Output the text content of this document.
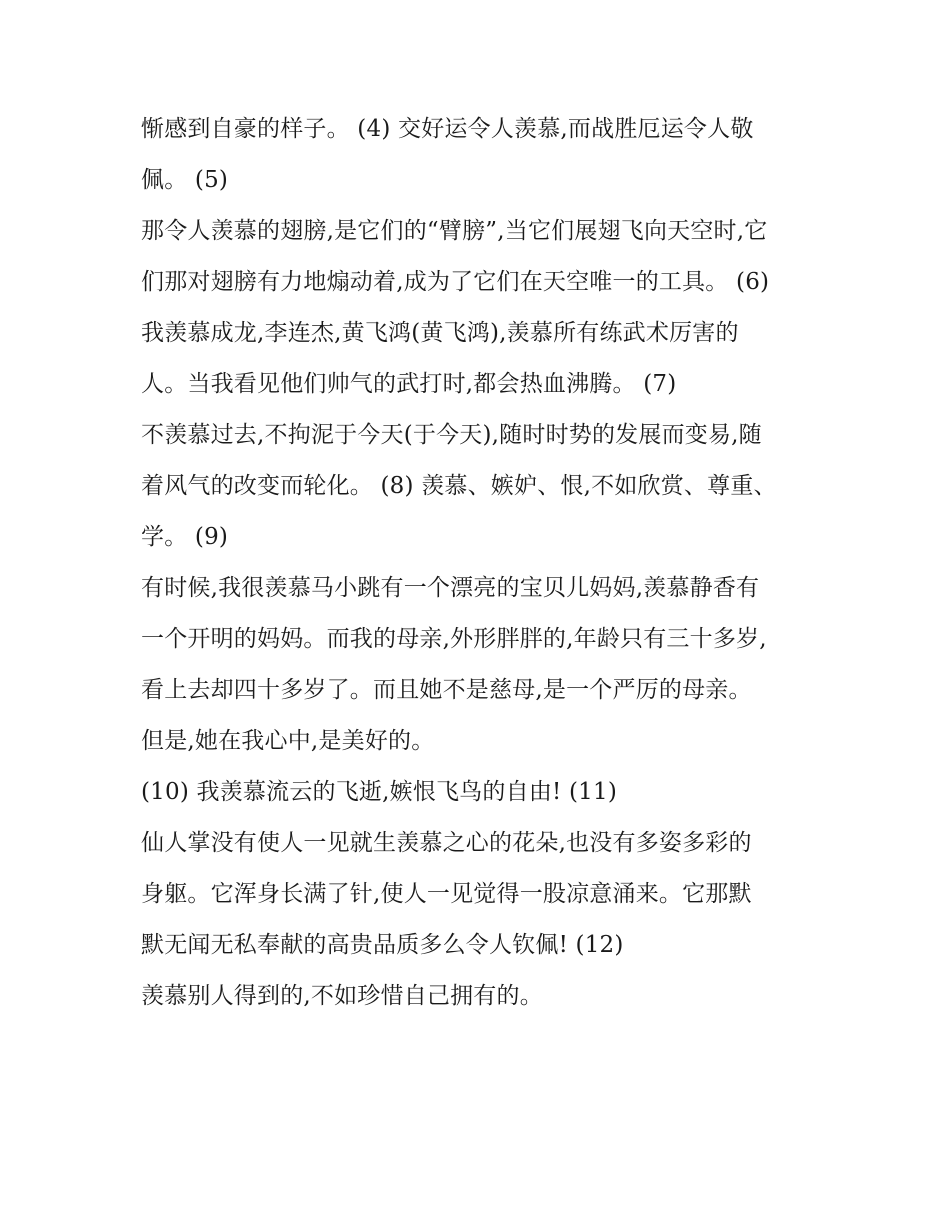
惭感到自豪的样子。 (4) 交好运令人羡慕,而战胜厄运令人敬
佩。 (5)
那令人羡慕的翅膀,是它们的“臂膀”,当它们展翅飞向天空时,它
们那对翅膀有力地煽动着,成为了它们在天空唯一的工具。 (6)
我羡慕成龙,李连杰,黄飞鸿(黄飞鸿),羡慕所有练武术厉害的
人。当我看见他们帅气的武打时,都会热血沸腾。 (7)
不羡慕过去,不拘泥于今天(于今天),随时时势的发展而变易,随
着风气的改变而轮化。 (8) 羡慕、嫉妒、恨,不如欣赏、尊重、
学。 (9)
有时候,我很羡慕马小跳有一个漂亮的宝贝儿妈妈,羡慕静香有
一个开明的妈妈。而我的母亲,外形胖胖的,年龄只有三十多岁,
看上去却四十多岁了。而且她不是慈母,是一个严厉的母亲。
但是,她在我心中,是美好的。
(10) 我羡慕流云的飞逝,嫉恨飞鸟的自由! (11)
仙人掌没有使人一见就生羡慕之心的花朵,也没有多姿多彩的
身躯。它浑身长满了针,使人一见觉得一股凉意涌来。它那默
默无闻无私奉献的高贵品质多么令人钦佩! (12)
羡慕别人得到的,不如珍惜自己拥有的。
